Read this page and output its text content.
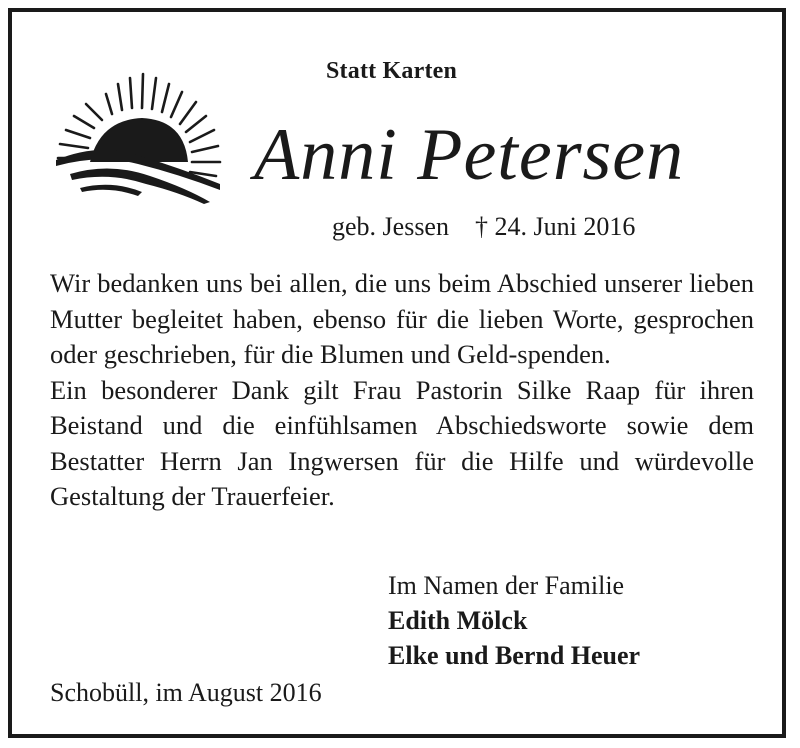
Statt Karten
Anni Petersen
geb. Jessen † 24. Juni 2016

Wir bedanken uns bei allen, die uns beim Abschied unserer lieben Mutter begleitet haben, ebenso für die lieben Worte, gesprochen oder geschrieben, für die Blumen und Geld-spenden.

Ein besonderer Dank gilt Frau Pastorin Silke Raap für ihren Beistand und die einfühlsamen Abschiedsworte sowie dem Bestatter Herrn Jan Ingwersen für die Hilfe und würdevolle Gestaltung der Trauerfeier.

Im Namen der Familie
Edith Mölck
Elke und Bernd Heuer
Schobüll, im August 2016
